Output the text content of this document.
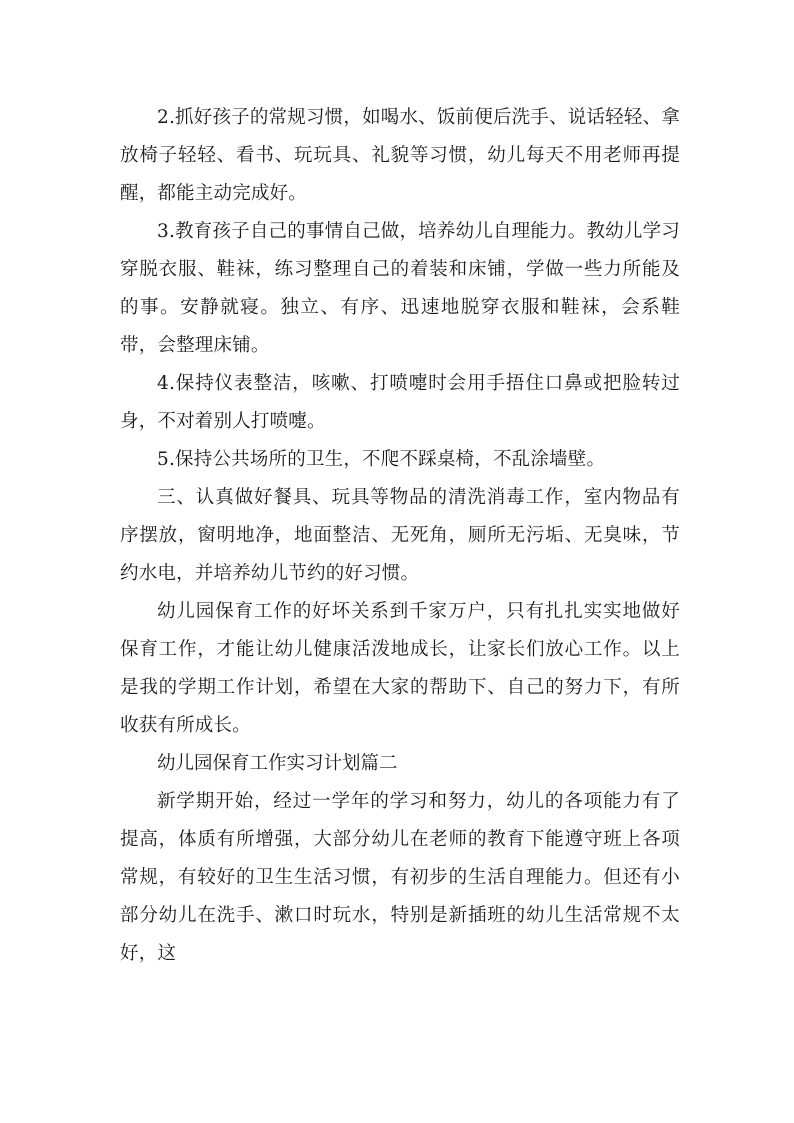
2.抓好孩子的常规习惯，如喝水、饭前便后洗手、说话轻轻、拿放椅子轻轻、看书、玩玩具、礼貌等习惯，幼儿每天不用老师再提醒，都能主动完成好。

3.教育孩子自己的事情自己做，培养幼儿自理能力。教幼儿学习穿脱衣服、鞋袜，练习整理自己的着装和床铺，学做一些力所能及的事。安静就寝。独立、有序、迅速地脱穿衣服和鞋袜，会系鞋带，会整理床铺。

4.保持仪表整洁，咳嗽、打喷嚏时会用手捂住口鼻或把脸转过身，不对着别人打喷嚏。

5.保持公共场所的卫生，不爬不踩桌椅，不乱涂墙壁。

三、认真做好餐具、玩具等物品的清洗消毒工作，室内物品有序摆放，窗明地净，地面整洁、无死角，厕所无污垢、无臭味，节约水电，并培养幼儿节约的好习惯。

幼儿园保育工作的好坏关系到千家万户，只有扎扎实实地做好保育工作，才能让幼儿健康活泼地成长，让家长们放心工作。以上是我的学期工作计划，希望在大家的帮助下、自己的努力下，有所收获有所成长。

幼儿园保育工作实习计划篇二

新学期开始，经过一学年的学习和努力，幼儿的各项能力有了提高，体质有所增强，大部分幼儿在老师的教育下能遵守班上各项常规，有较好的卫生生活习惯，有初步的生活自理能力。但还有小部分幼儿在洗手、漱口时玩水，特别是新插班的幼儿生活常规不太好，这
